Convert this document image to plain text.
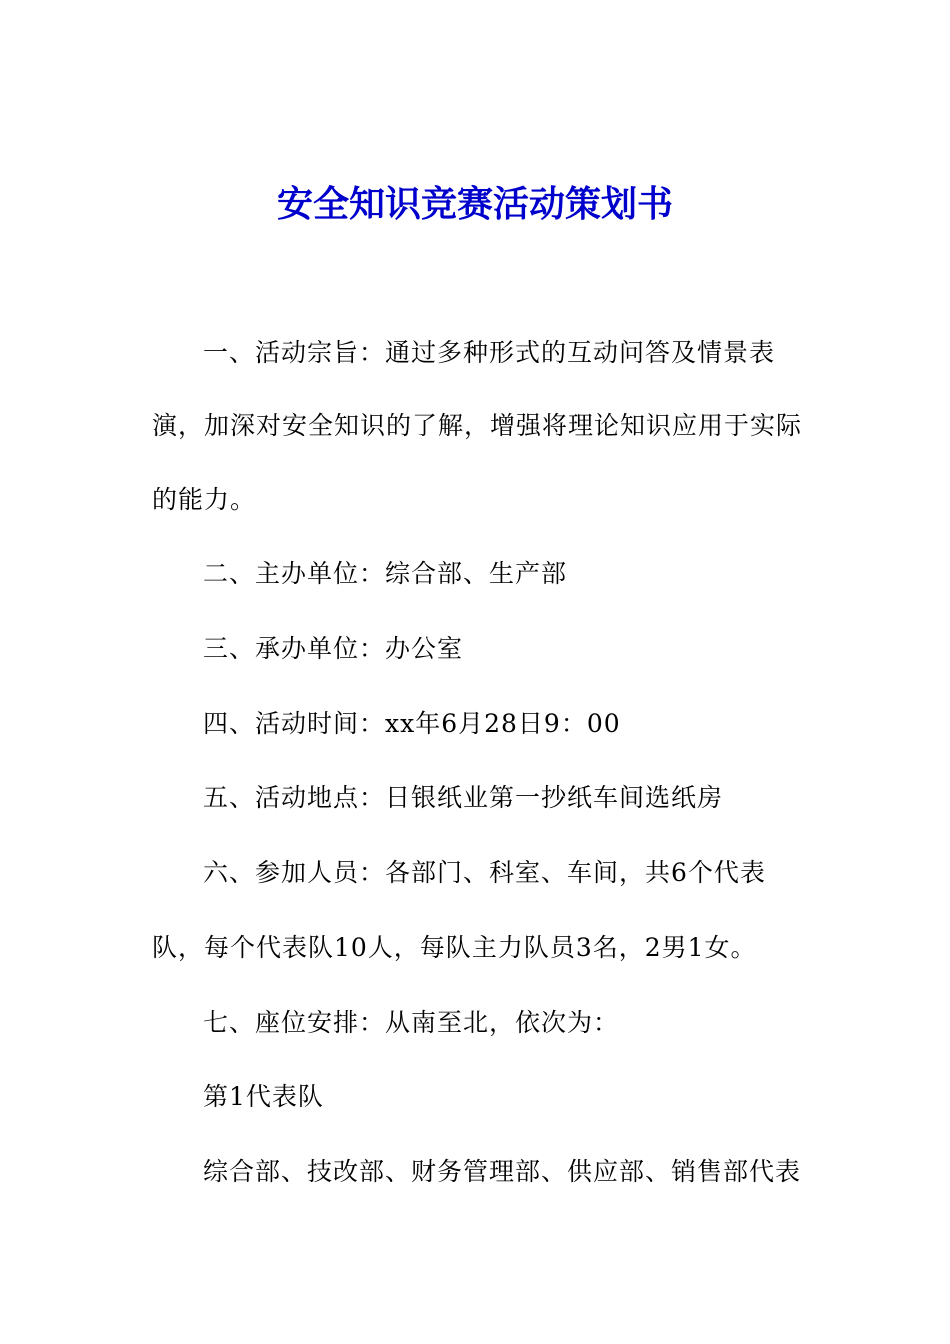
安全知识竞赛活动策划书
一、活动宗旨：通过多种形式的互动问答及情景表
演，加深对安全知识的了解，增强将理论知识应用于实际
的能力。
二、主办单位：综合部、生产部
三、承办单位：办公室
四、活动时间：xx年6月28日9：00
五、活动地点：日银纸业第一抄纸车间选纸房
六、参加人员：各部门、科室、车间，共6个代表
队，每个代表队10人，每队主力队员3名，2男1女。
七、座位安排：从南至北，依次为：
第1代表队
综合部、技改部、财务管理部、供应部、销售部代表
